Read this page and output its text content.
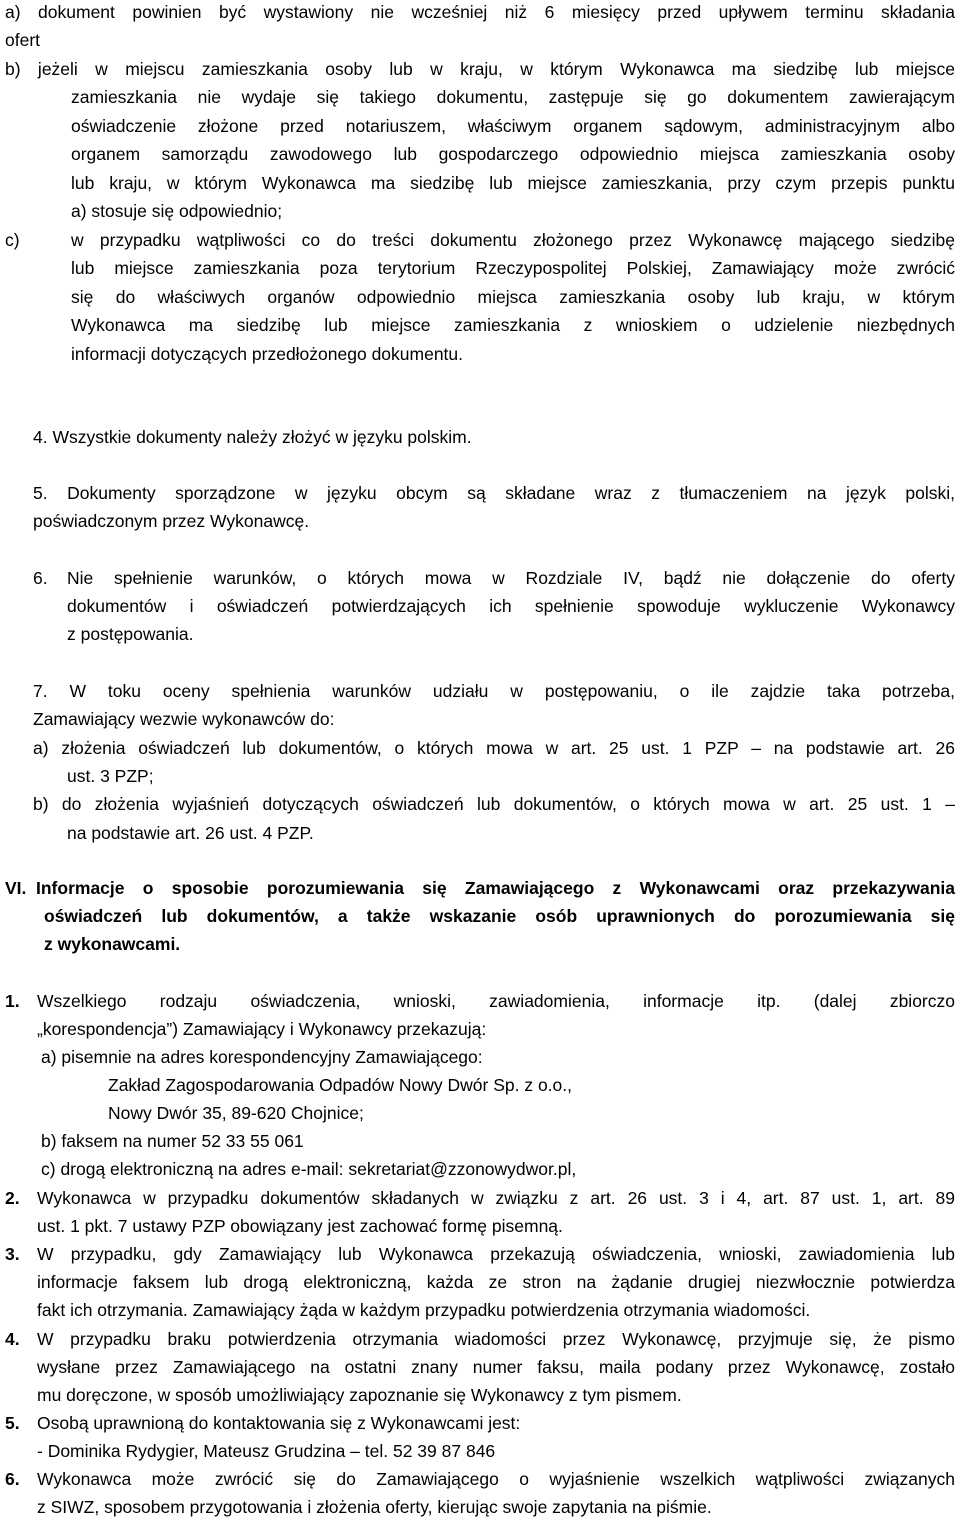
a) dokument powinien być wystawiony nie wcześniej niż 6 miesięcy przed upływem terminu składania
ofert
b) jeżeli w miejscu zamieszkania osoby lub w kraju, w którym Wykonawca ma siedzibę lub miejsce
zamieszkania nie wydaje się takiego dokumentu, zastępuje się go dokumentem zawierającym
oświadczenie złożone przed notariuszem, właściwym organem sądowym, administracyjnym albo
organem samorządu zawodowego lub gospodarczego odpowiednio miejsca zamieszkania osoby
lub kraju, w którym Wykonawca ma siedzibę lub miejsce zamieszkania, przy czym przepis punktu
a) stosuje się odpowiednio;
c)	w przypadku wątpliwości co do treści dokumentu złożonego przez Wykonawcę mającego siedzibę
lub miejsce zamieszkania poza terytorium Rzeczypospolitej Polskiej, Zamawiający może zwrócić
się do właściwych organów odpowiednio miejsca zamieszkania osoby lub kraju, w którym
Wykonawca ma siedzibę lub miejsce zamieszkania z wnioskiem o udzielenie niezbędnych
informacji dotyczących przedłożonego dokumentu.
4. Wszystkie dokumenty należy złożyć w języku polskim.
5. Dokumenty sporządzone w języku obcym są składane wraz z tłumaczeniem na język polski,
poświadczonym przez Wykonawcę.
6. Nie spełnienie warunków, o których mowa w Rozdziale IV, bądź nie dołączenie do oferty
dokumentów i oświadczeń potwierdzających ich spełnienie spowoduje wykluczenie Wykonawcy
z postępowania.
7. W toku oceny spełnienia warunków udziału w postępowaniu, o ile zajdzie taka potrzeba,
Zamawiający wezwie wykonawców do:
a) złożenia oświadczeń lub dokumentów, o których mowa w art. 25 ust. 1 PZP – na podstawie art. 26
ust. 3 PZP;
b) do złożenia wyjaśnień dotyczących oświadczeń lub dokumentów, o których mowa w art. 25 ust. 1 –
na podstawie art. 26 ust. 4 PZP.
VI. Informacje o sposobie porozumiewania się Zamawiającego z Wykonawcami oraz przekazywania
oświadczeń lub dokumentów, a także wskazanie osób uprawnionych do porozumiewania się
z wykonawcami.
1. Wszelkiego rodzaju oświadczenia, wnioski, zawiadomienia, informacje itp. (dalej zbiorczo
„korespondencja”) Zamawiający i Wykonawcy przekazują:
a) pisemnie na adres korespondencyjny Zamawiającego:
Zakład Zagospodarowania Odpadów Nowy Dwór Sp. z o.o.,
Nowy Dwór 35, 89-620 Chojnice;
b) faksem na numer 52 33 55 061
c) drogą elektroniczną na adres e-mail: sekretariat@zzonowydwor.pl,
2. Wykonawca w przypadku dokumentów składanych w związku z art. 26 ust. 3 i 4, art. 87 ust. 1, art. 89
ust. 1 pkt. 7 ustawy PZP obowiązany jest zachować formę pisemną.
3. W przypadku, gdy Zamawiający lub Wykonawca przekazują oświadczenia, wnioski, zawiadomienia lub
informacje faksem lub drogą elektroniczną, każda ze stron na żądanie drugiej niezwłocznie potwierdza
fakt ich otrzymania. Zamawiający żąda w każdym przypadku potwierdzenia otrzymania wiadomości.
4. W przypadku braku potwierdzenia otrzymania wiadomości przez Wykonawcę, przyjmuje się, że pismo
wysłane przez Zamawiającego na ostatni znany numer faksu, maila podany przez Wykonawcę, zostało
mu doręczone, w sposób umożliwiający zapoznanie się Wykonawcy z tym pismem.
5. Osobą uprawnioną do kontaktowania się z Wykonawcami jest:
- Dominika Rydygier, Mateusz Grudzina – tel. 52 39 87 846
6. Wykonawca może zwrócić się do Zamawiającego o wyjaśnienie wszelkich wątpliwości związanych
z SIWZ, sposobem przygotowania i złożenia oferty, kierując swoje zapytania na piśmie.
